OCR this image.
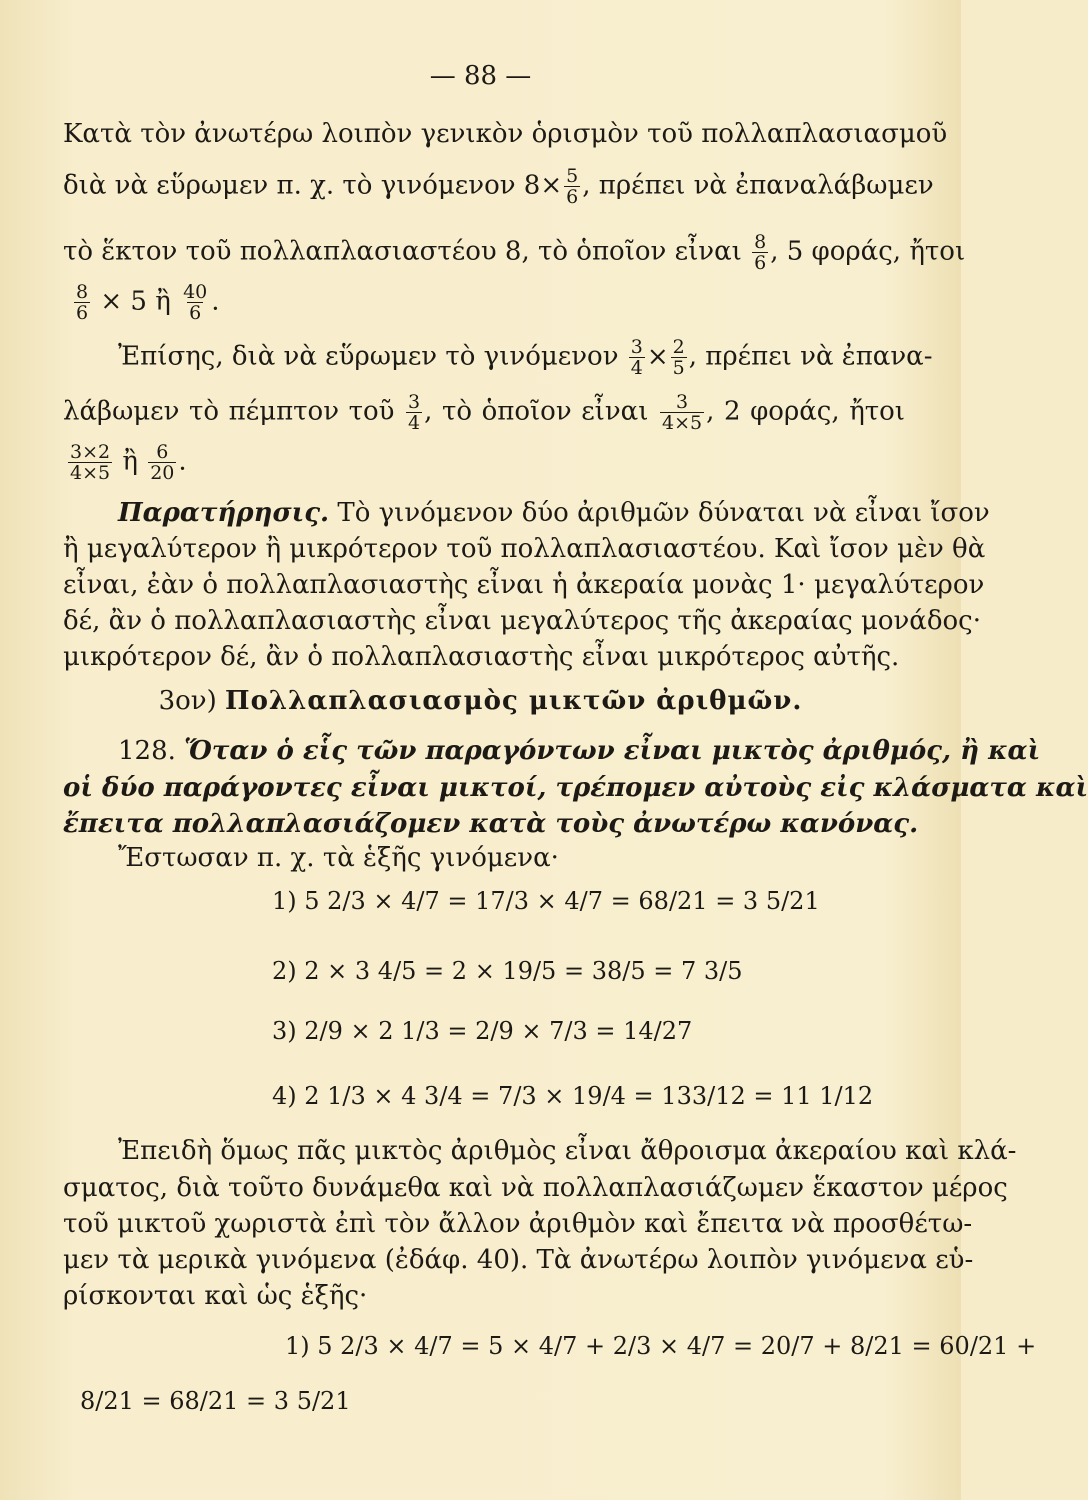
— 88 —
Κατὰ τὸν ἀνωτέρω λοιπὸν γενικὸν ὁρισμὸν τοῦ πολλαπλασιασμοῦ
διὰ νὰ εὕρωμεν π. χ. τὸ γινόμενον $8\times \frac{5}{6}$ , πρέπει νὰ ἐπαναλάβωμεν
τὸ ἕκτον τοῦ πολλαπλασιαστέου 8, τὸ ὁποῖον εἶναι $\frac{8}{6}$ , 5 φοράς, ἤτοι
$\frac{8}{6} \times 5$ ἢ $\frac{40}{6}$ .
Ἐπίσης, διὰ νὰ εὕρωμεν τὸ γινόμενον $\frac{3}{4} \times \frac{2}{5}$ , πρέπει νὰ ἐπανα-
λάβωμεν τὸ πέμπτον τοῦ $\frac{3}{4}$ , τὸ ὁποῖον εἶναι $\frac{3}{4\times 5}$ , 2 φοράς, ἤτοι
$\frac{3\times 2}{4\times 5}$ ἢ $\frac{6}{20}$ .
Παρατήρησις. Τὸ γινόμενον δύο ἀριθμῶν δύναται νὰ εἶναι ἴσον
ἢ μεγαλύτερον ἢ μικρότερον τοῦ πολλαπλασιαστέου. Καὶ ἴσον μὲν θὰ
εἶναι, ἐὰν ὁ πολλαπλασιαστὴς εἶναι ἡ ἀκεραία μονὰς 1· μεγαλύτερον
δέ, ἂν ὁ πολλαπλασιαστὴς εἶναι μεγαλύτερος τῆς ἀκεραίας μονάδος·
μικρότερον δέ, ἂν ὁ πολλαπλασιαστὴς εἶναι μικρότερος αὐτῆς.
3ον) Πολλαπλασιασμὸς μικτῶν ἀριθμῶν.
128. Ὅταν ὁ εἷς τῶν παραγόντων εἶναι μικτὸς ἀριθμός, ἢ καὶ
οἱ δύο παράγοντες εἶναι μικτοί, τρέπομεν αὐτοὺς εἰς κλάσματα καὶ
ἔπειτα πολλαπλασιάζομεν κατὰ τοὺς ἀνωτέρω κανόνας.
Ἔστωσαν π. χ. τὰ ἑξῆς γινόμενα·
1) 5 2/3 × 4/7 = 17/3 × 4/7 = 68/21 = 3 5/21
2) 2 × 3 4/5 = 2 × 19/5 = 38/5 = 7 3/5
3) 2/9 × 2 1/3 = 2/9 × 7/3 = 14/27
4) 2 1/3 × 4 3/4 = 7/3 × 19/4 = 133/12 = 11 1/12
Ἐπειδὴ ὅμως πᾶς μικτὸς ἀριθμὸς εἶναι ἄθροισμα ἀκεραίου καὶ κλά-
σματος, διὰ τοῦτο δυνάμεθα καὶ νὰ πολλαπλασιάζωμεν ἕκαστον μέρος
τοῦ μικτοῦ χωριστὰ ἐπὶ τὸν ἄλλον ἀριθμὸν καὶ ἔπειτα νὰ προσθέτω-
μεν τὰ μερικὰ γινόμενα (ἐδάφ. 40). Τὰ ἀνωτέρω λοιπὸν γινόμενα εὑ-
ρίσκονται καὶ ὡς ἑξῆς·
1) 5 2/3 × 4/7 = 5 × 4/7 + 2/3 × 4/7 = 20/7 + 8/21 = 60/21 +
8/21 = 68/21 = 3 5/21
